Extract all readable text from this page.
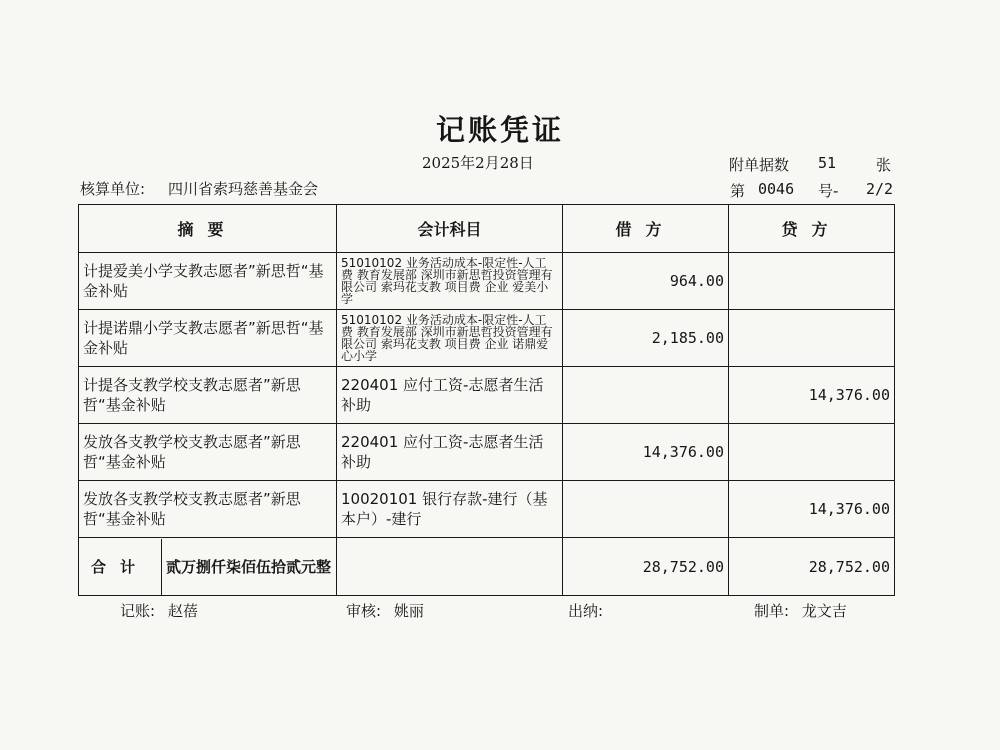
记账凭证
2025年2月28日	附单据数 51	张
核算单位: 四川省索玛慈善基金会	第 0046 号- 2/2
摘要	会计科目	借方	贷方
计提爱美小学支教志愿者”新思哲“基金补贴	51010102 业务活动成本-限定性-人工费 教育发展部 深圳市新思哲投资管理有限公司 索玛花支教 项目费 企业 爱美小学	964.00	
计提诺鼎小学支教志愿者”新思哲“基金补贴	51010102 业务活动成本-限定性-人工费 教育发展部 深圳市新思哲投资管理有限公司 索玛花支教 项目费 企业 诺鼎爱心小学	2,185.00	
计提各支教学校支教志愿者”新思哲“基金补贴	220401 应付工资-志愿者生活补助		14,376.00
发放各支教学校支教志愿者”新思哲“基金补贴	220401 应付工资-志愿者生活补助	14,376.00	
发放各支教学校支教志愿者”新思哲“基金补贴	10020101 银行存款-建行（基本户）-建行		14,376.00

合计 贰万捌仟柒佰伍拾贰元整		28,752.00	28,752.00
记账: 赵蓓	审核: 姚丽	出纳:	制单: 龙文吉
